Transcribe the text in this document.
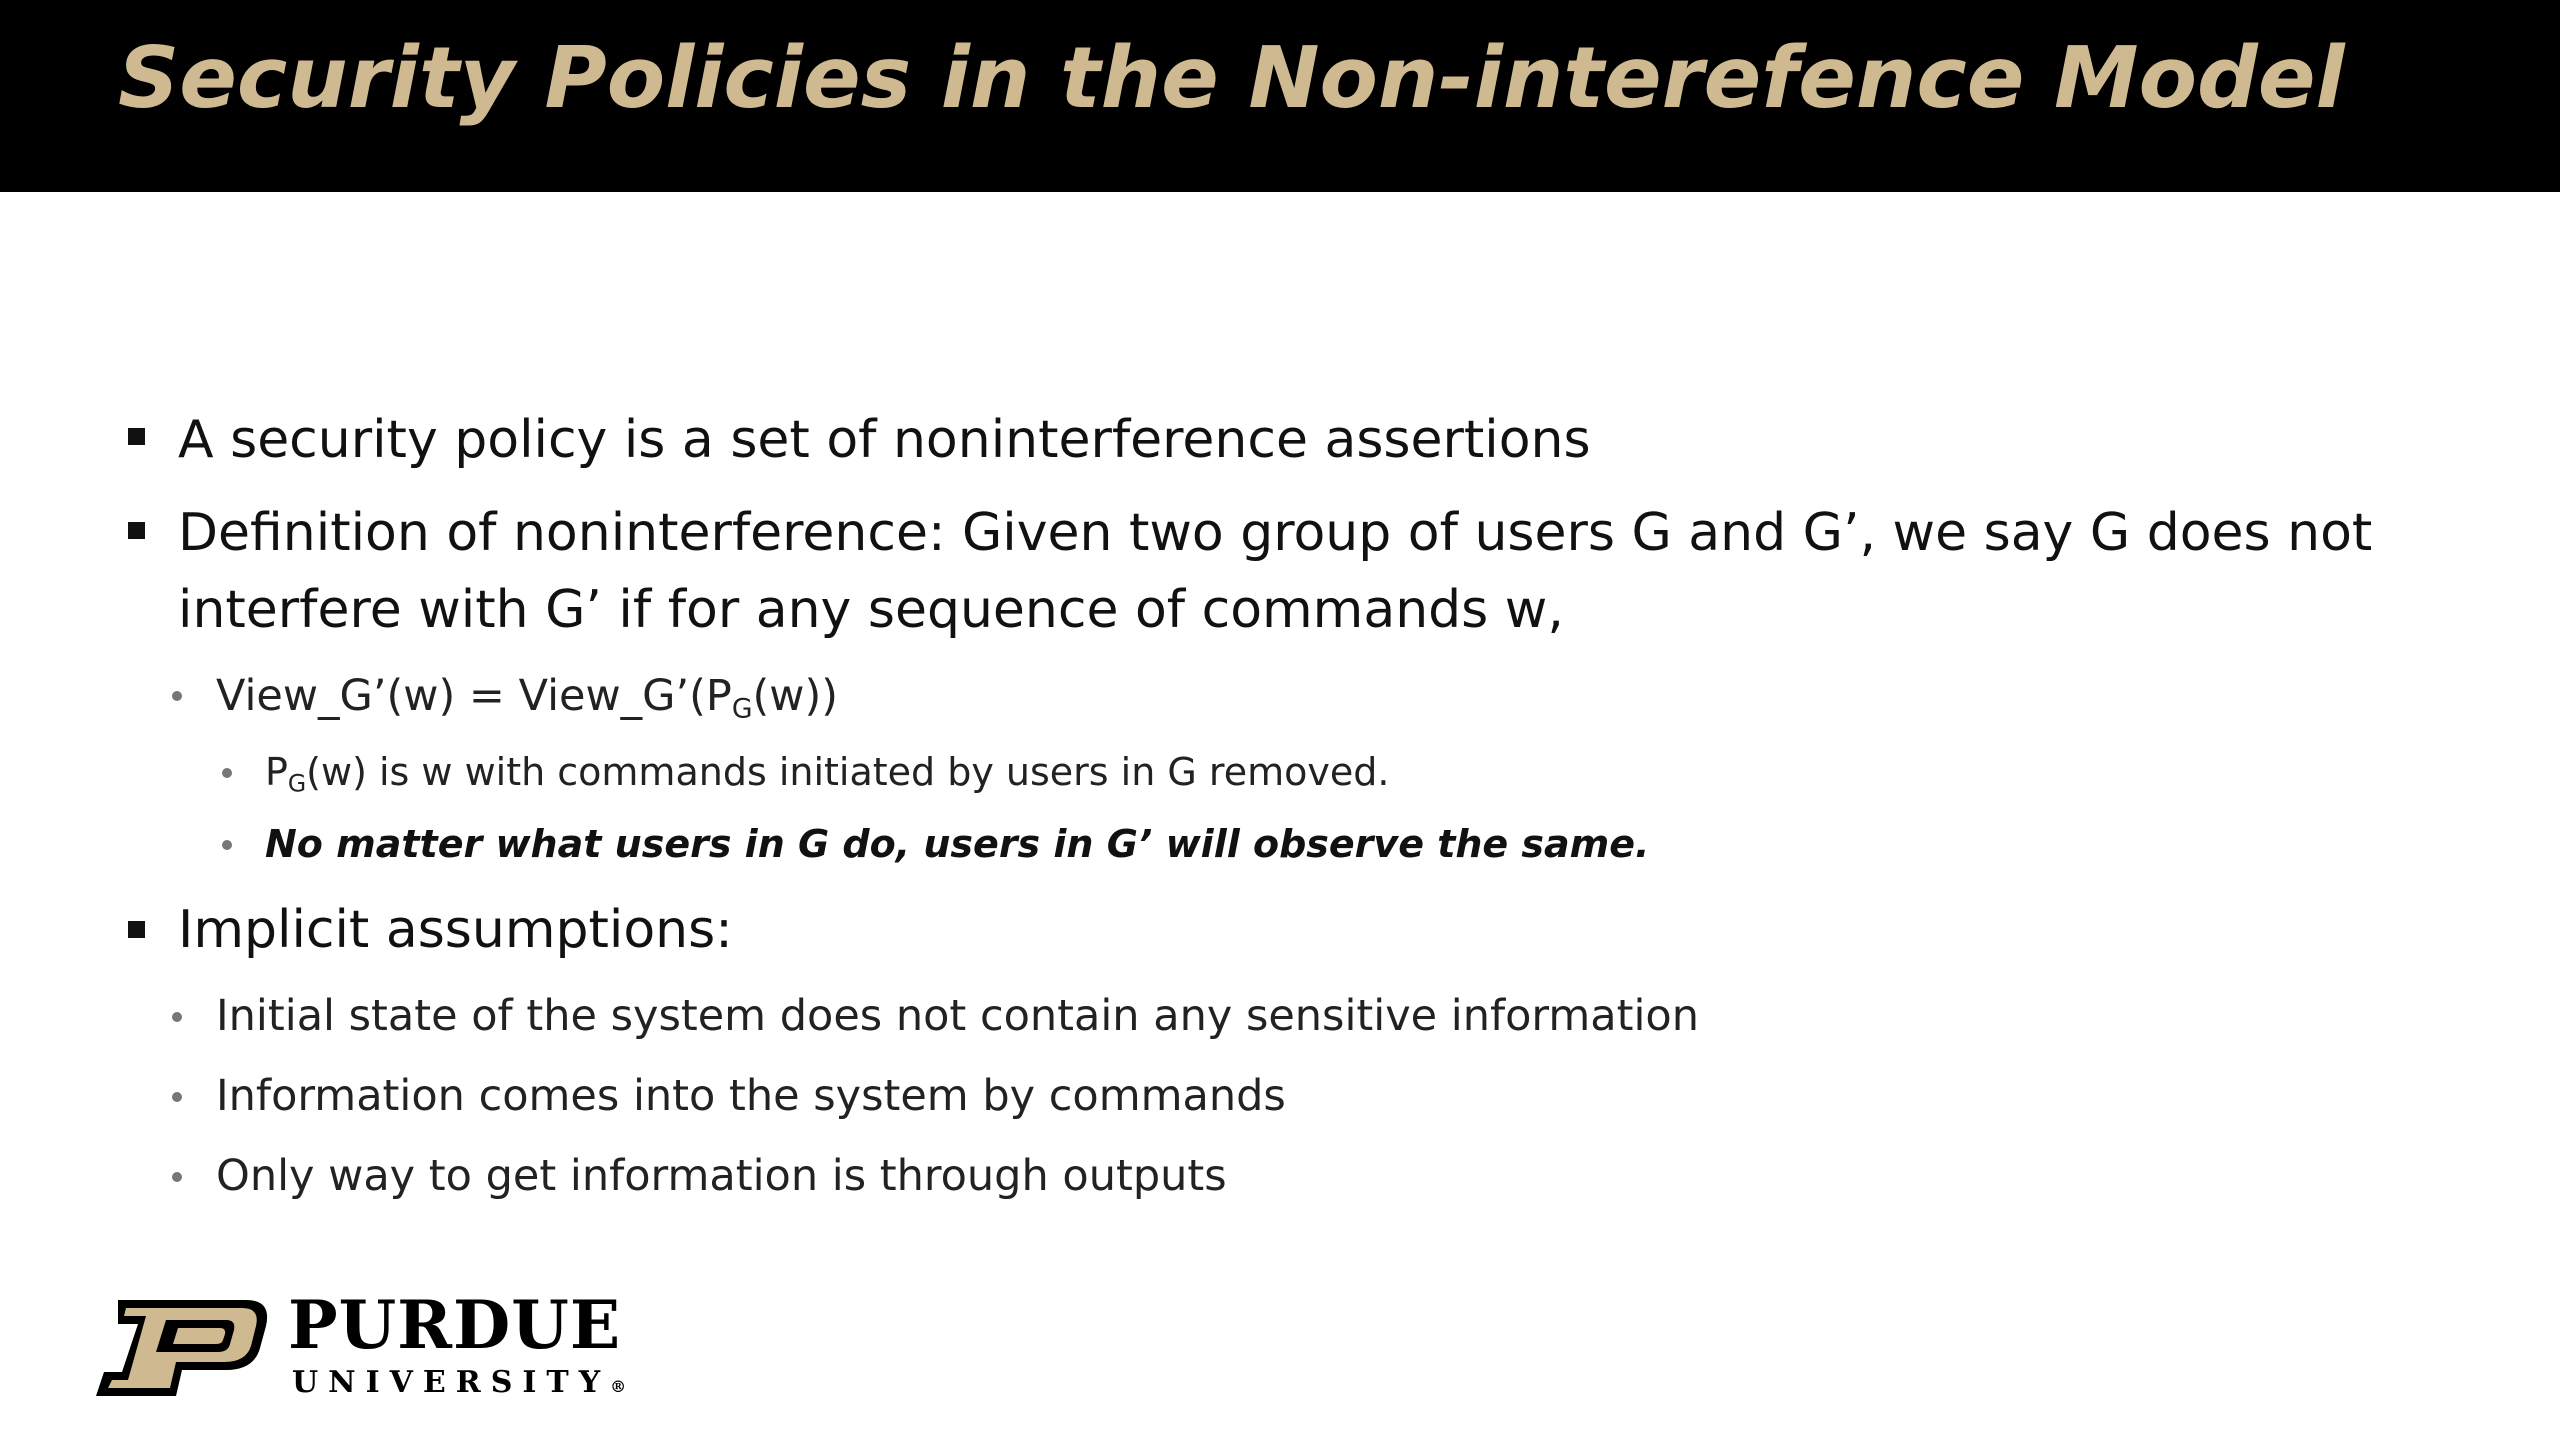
Security Policies in the Non-interefence Model
A security policy is a set of noninterference assertions
Definition of noninterference: Given two group of users G and G’, we say G does not
interfere with G’ if for any sequence of commands w,
View_G’(w) = $View\_G’(P_G(w))$
$P_G(w)$ is w with commands initiated by users in G removed.
No matter what users in G do, users in G’ will observe the same.
Implicit assumptions:
Initial state of the system does not contain any sensitive information
Information comes into the system by commands
Only way to get information is through outputs
PURDUE
UNIVERSITY®
